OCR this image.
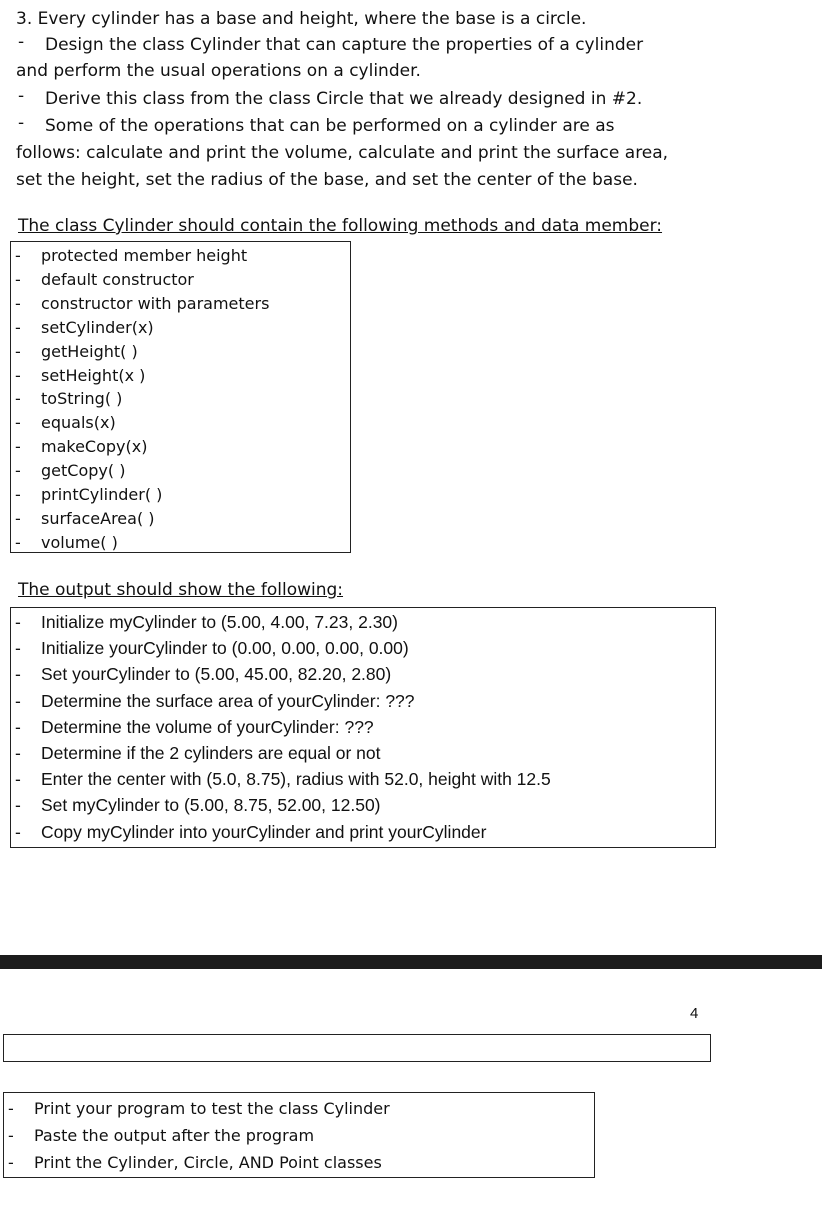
3. Every cylinder has a base and height, where the base is a circle.
- Design the class Cylinder that can capture the properties of a cylinder
and perform the usual operations on a cylinder.
- Derive this class from the class Circle that we already designed in #2.
- Some of the operations that can be performed on a cylinder are as
follows: calculate and print the volume, calculate and print the surface area,
set the height, set the radius of the base, and set the center of the base.
The class Cylinder should contain the following methods and data member:
- protected member height
- default constructor
- constructor with parameters
- setCylinder(x)
- getHeight( )
- setHeight(x )
- toString( )
- equals(x)
- makeCopy(x)
- getCopy( )
- printCylinder( )
- surfaceArea( )
- volume( )
The output should show the following:
- Initialize myCylinder to (5.00, 4.00, 7.23, 2.30)
- Initialize yourCylinder to (0.00, 0.00, 0.00, 0.00)
- Set yourCylinder to (5.00, 45.00, 82.20, 2.80)
- Determine the surface area of yourCylinder: ???
- Determine the volume of yourCylinder: ???
- Determine if the 2 cylinders are equal or not
- Enter the center with (5.0, 8.75), radius with 52.0, height with 12.5
- Set myCylinder to (5.00, 8.75, 52.00, 12.50)
- Copy myCylinder into yourCylinder and print yourCylinder
4
- Print your program to test the class Cylinder
- Paste the output after the program
- Print the Cylinder, Circle, AND Point classes
